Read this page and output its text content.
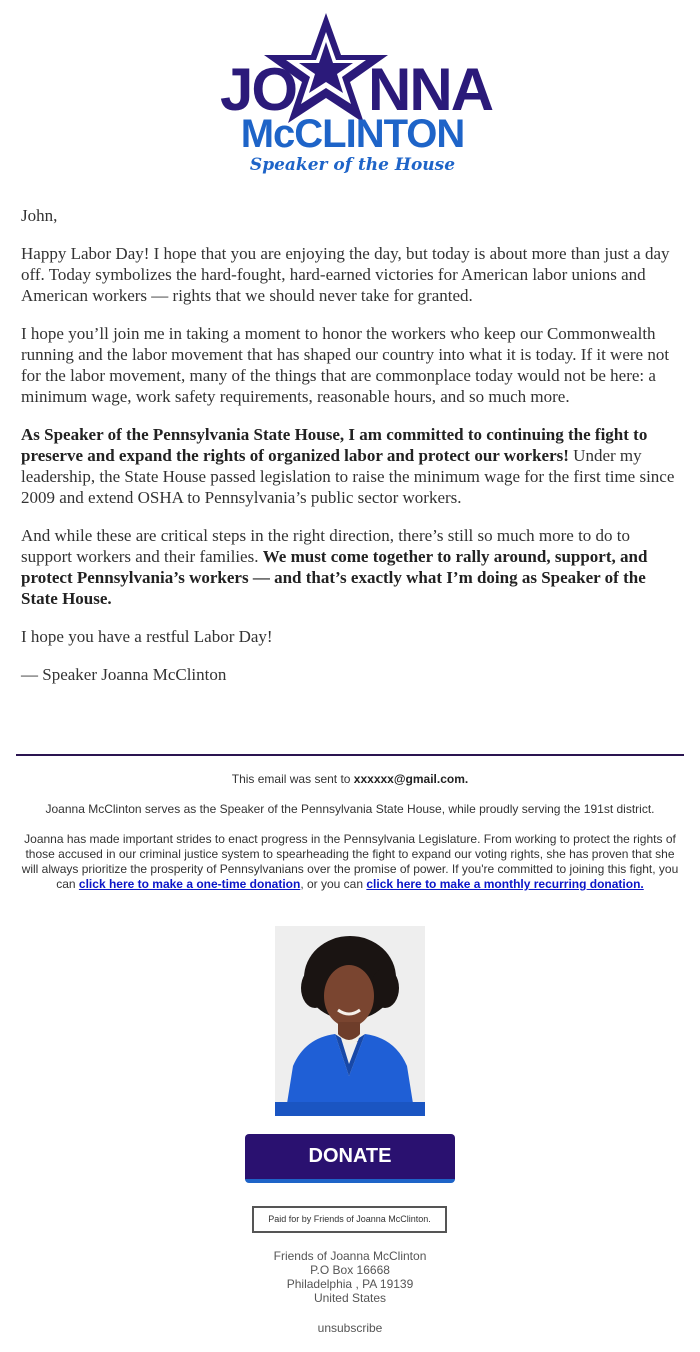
JO NNA
McCLINTON
Speaker of the House

John,

Happy Labor Day! I hope that you are enjoying the day, but today is about more than just a day off. Today symbolizes the hard-fought, hard-earned victories for American labor unions and American workers — rights that we should never take for granted.

I hope you’ll join me in taking a moment to honor the workers who keep our Commonwealth running and the labor movement that has shaped our country into what it is today. If it were not for the labor movement, many of the things that are commonplace today would not be here: a minimum wage, work safety requirements, reasonable hours, and so much more.

As Speaker of the Pennsylvania State House, I am committed to continuing the fight to preserve and expand the rights of organized labor and protect our workers! Under my leadership, the State House passed legislation to raise the minimum wage for the first time since 2009 and extend OSHA to Pennsylvania’s public sector workers.

And while these are critical steps in the right direction, there’s still so much more to do to support workers and their families. We must come together to rally around, support, and protect Pennsylvania’s workers — and that’s exactly what I’m doing as Speaker of the State House.

I hope you have a restful Labor Day!

— Speaker Joanna McClinton

This email was sent to xxxxxx@gmail.com.

Joanna McClinton serves as the Speaker of the Pennsylvania State House, while proudly serving the 191st district.

Joanna has made important strides to enact progress in the Pennsylvania Legislature. From working to protect the rights of those accused in our criminal justice system to spearheading the fight to expand our voting rights, she has proven that she will always prioritize the prosperity of Pennsylvanians over the promise of power. If you're committed to joining this fight, you can click here to make a one-time donation, or you can click here to make a monthly recurring donation.

DONATE
Paid for by Friends of Joanna McClinton.
Friends of Joanna McClinton
P.O Box 16668
Philadelphia , PA 19139
United States
unsubscribe
